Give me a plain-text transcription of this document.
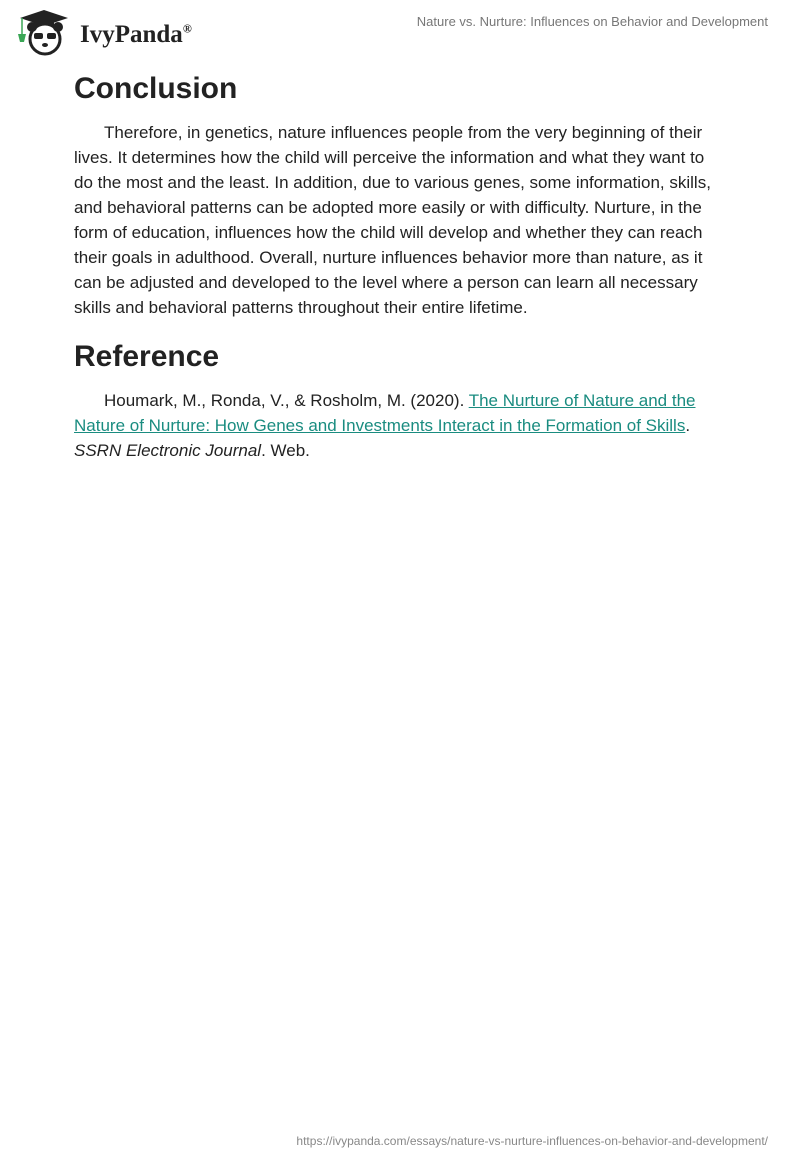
IvyPanda®	Nature vs. Nurture: Influences on Behavior and Development
Conclusion

Therefore, in genetics, nature influences people from the very beginning of their lives. It determines how the child will perceive the information and what they want to do the most and the least. In addition, due to various genes, some information, skills, and behavioral patterns can be adopted more easily or with difficulty. Nurture, in the form of education, influences how the child will develop and whether they can reach their goals in adulthood. Overall, nurture influences behavior more than nature, as it can be adjusted and developed to the level where a person can learn all necessary skills and behavioral patterns throughout their entire lifetime.

Reference

Houmark, M., Ronda, V., & Rosholm, M. (2020). The Nurture of Nature and the Nature of Nurture: How Genes and Investments Interact in the Formation of Skills. SSRN Electronic Journal. Web.

https://ivypanda.com/essays/nature-vs-nurture-influences-on-behavior-and-development/
